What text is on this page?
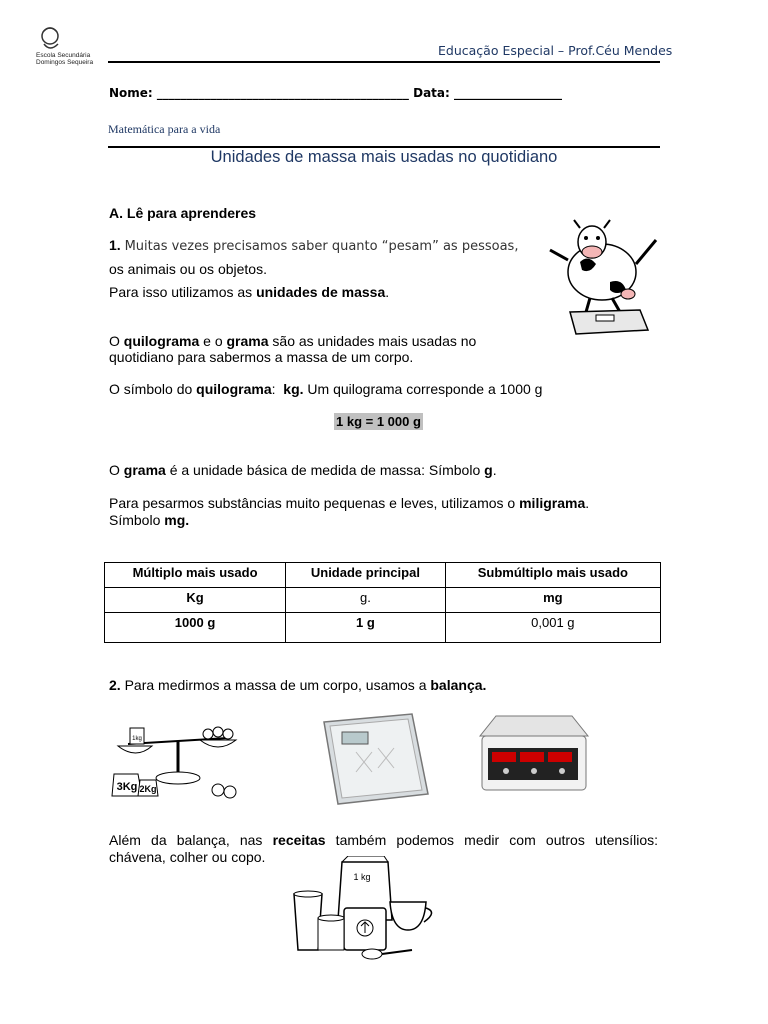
Escola Secundária Domingos Sequeira
Educação Especial – Prof.Céu Mendes
Nome: __________________________________________ Data: __________________
Matemática para a vida
Unidades de massa mais usadas no quotidiano
A. Lê para aprenderes
1. Muitas vezes precisamos saber quanto “pesam” as pessoas,
os animais ou os objetos.
Para isso utilizamos as unidades de massa.
O quilograma e o grama são as unidades mais usadas no
quotidiano para sabermos a massa de um corpo.
O símbolo do quilograma:  kg. Um quilograma corresponde a 1000 g
1 kg = 1 000 g
O grama é a unidade básica de medida de massa: Símbolo g.
Para pesarmos substâncias muito pequenas e leves, utilizamos o miligrama.
Símbolo mg.
Múltiplo mais usado	Unidade principal	Submúltiplo mais usado
Kg	g.	mg
1000 g	1 g	0,001 g
2. Para medirmos a massa de um corpo, usamos a balança.
1kg
3Kg 2Kg
Além da balança, nas receitas também podemos medir com outros utensílios:
chávena, colher ou copo.
1 kg
